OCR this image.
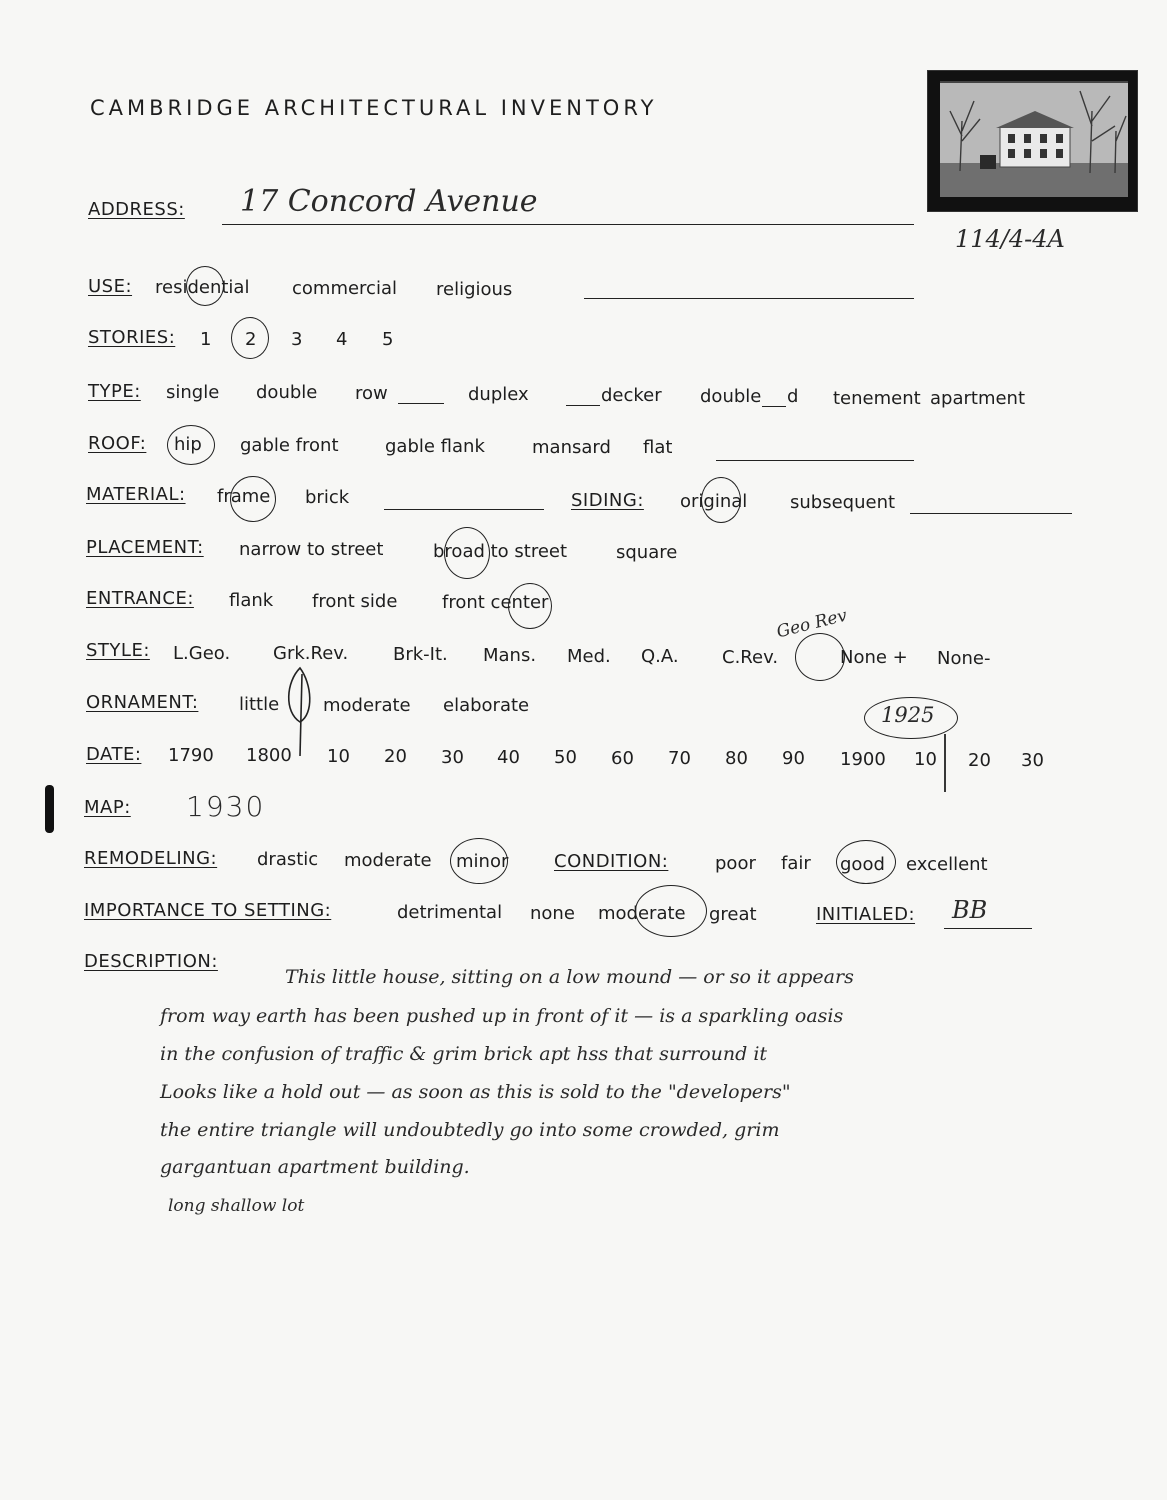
CAMBRIDGE ARCHITECTURAL INVENTORY
114/4-4A
ADDRESS: 17 Concord Avenue
USE: residential commercial religious
STORIES: 1 2 3 4 5
TYPE: single double row	duplex	decker double d tenement apartment
ROOF: hip gable front	gable flank	mansard flat
MATERIAL: frame brick	SIDING: original subsequent
PLACEMENT: narrow to street	broad to street	square
ENTRANCE: flank front side front center
STYLE: L.Geo. Grk.Rev. Brk-It. Mans. Med. Q.A. C.Rev.	None + None-
Geo Rev
ORNAMENT: little moderate elaborate
DATE: 1790 1800 10 20 30 40 50 60 70 80 90 1900 10 20 30
1925
MAP: 1930
REMODELING: drastic moderate minor	CONDITION:	poor fair good excellent
IMPORTANCE TO SETTING:	detrimental none moderate great	INITIALED: BB
DESCRIPTION:
This little house, sitting on a low mound — or so it appears
from way earth has been pushed up in front of it — is a sparkling oasis
in the confusion of traffic & grim brick apt hss that surround it
Looks like a hold out — as soon as this is sold to the "developers"
the entire triangle will undoubtedly go into some crowded, grim
gargantuan apartment building.
long shallow lot
